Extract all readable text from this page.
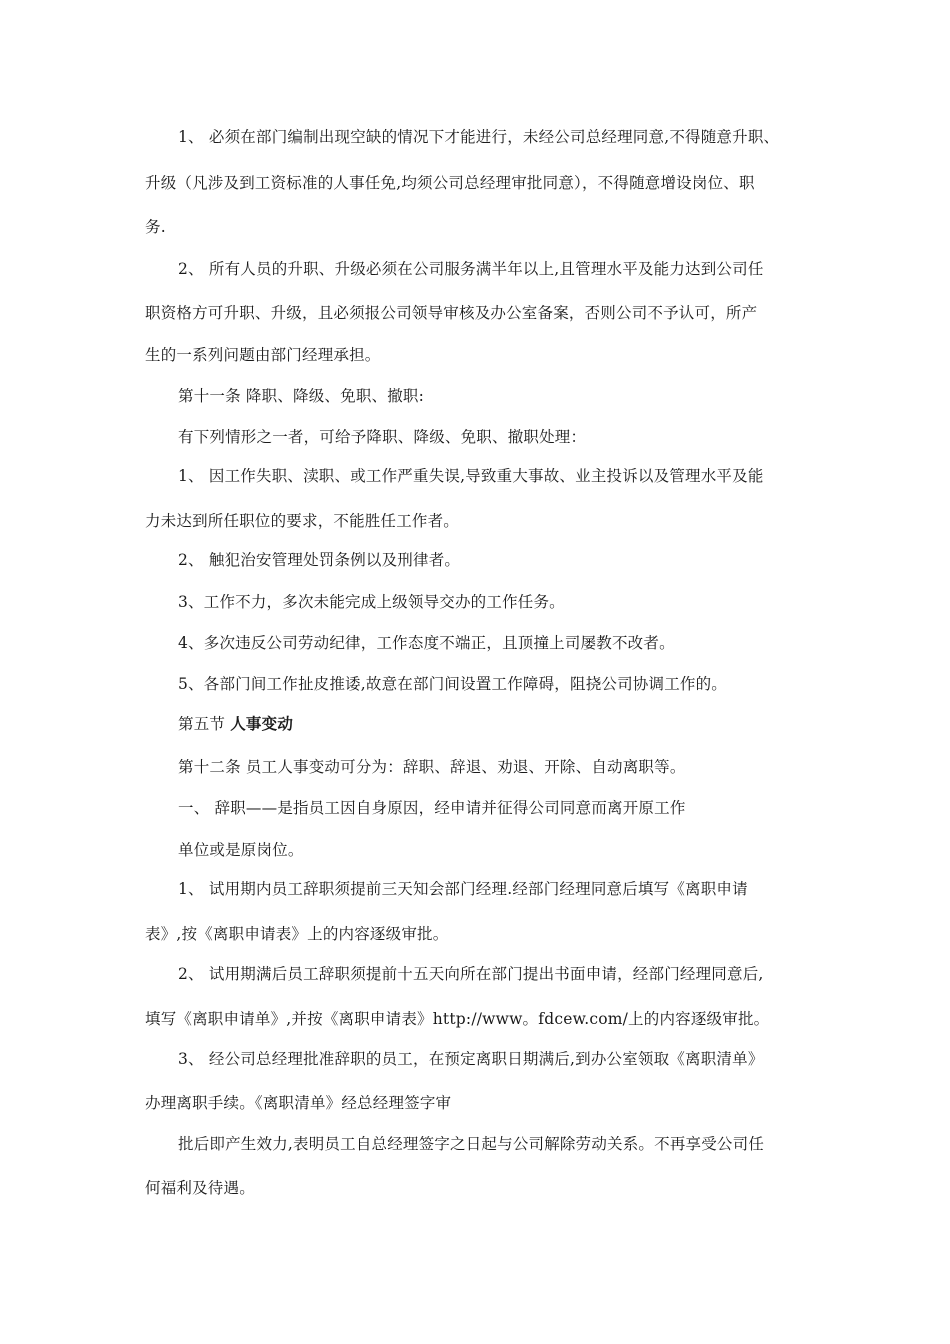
1、 必须在部门编制出现空缺的情况下才能进行，未经公司总经理同意,不得随意升职、
升级（凡涉及到工资标准的人事任免,均须公司总经理审批同意），不得随意增设岗位、职
务.
2、 所有人员的升职、升级必须在公司服务满半年以上,且管理水平及能力达到公司任
职资格方可升职、升级，且必须报公司领导审核及办公室备案，否则公司不予认可，所产
生的一系列问题由部门经理承担。
第十一条 降职、降级、免职、撤职:
有下列情形之一者，可给予降职、降级、免职、撤职处理：
1、 因工作失职、渎职、或工作严重失误,导致重大事故、业主投诉以及管理水平及能
力未达到所任职位的要求，不能胜任工作者。
2、 触犯治安管理处罚条例以及刑律者。
3、工作不力，多次未能完成上级领导交办的工作任务。
4、多次违反公司劳动纪律，工作态度不端正，且顶撞上司屡教不改者。
5、各部门间工作扯皮推诿,故意在部门间设置工作障碍，阻挠公司协调工作的。
第五节 人事变动
第十二条 员工人事变动可分为：辞职、辞退、劝退、开除、自动离职等。
一、 辞职——是指员工因自身原因，经申请并征得公司同意而离开原工作
单位或是原岗位。
1、 试用期内员工辞职须提前三天知会部门经理.经部门经理同意后填写《离职申请
表》,按《离职申请表》上的内容逐级审批。
2、 试用期满后员工辞职须提前十五天向所在部门提出书面申请，经部门经理同意后,
填写《离职申请单》,并按《离职申请表》http://www。fdcew.com/上的内容逐级审批。
3、 经公司总经理批准辞职的员工，在预定离职日期满后,到办公室领取《离职清单》
办理离职手续。《离职清单》经总经理签字审
批后即产生效力,表明员工自总经理签字之日起与公司解除劳动关系。不再享受公司任
何福利及待遇。
